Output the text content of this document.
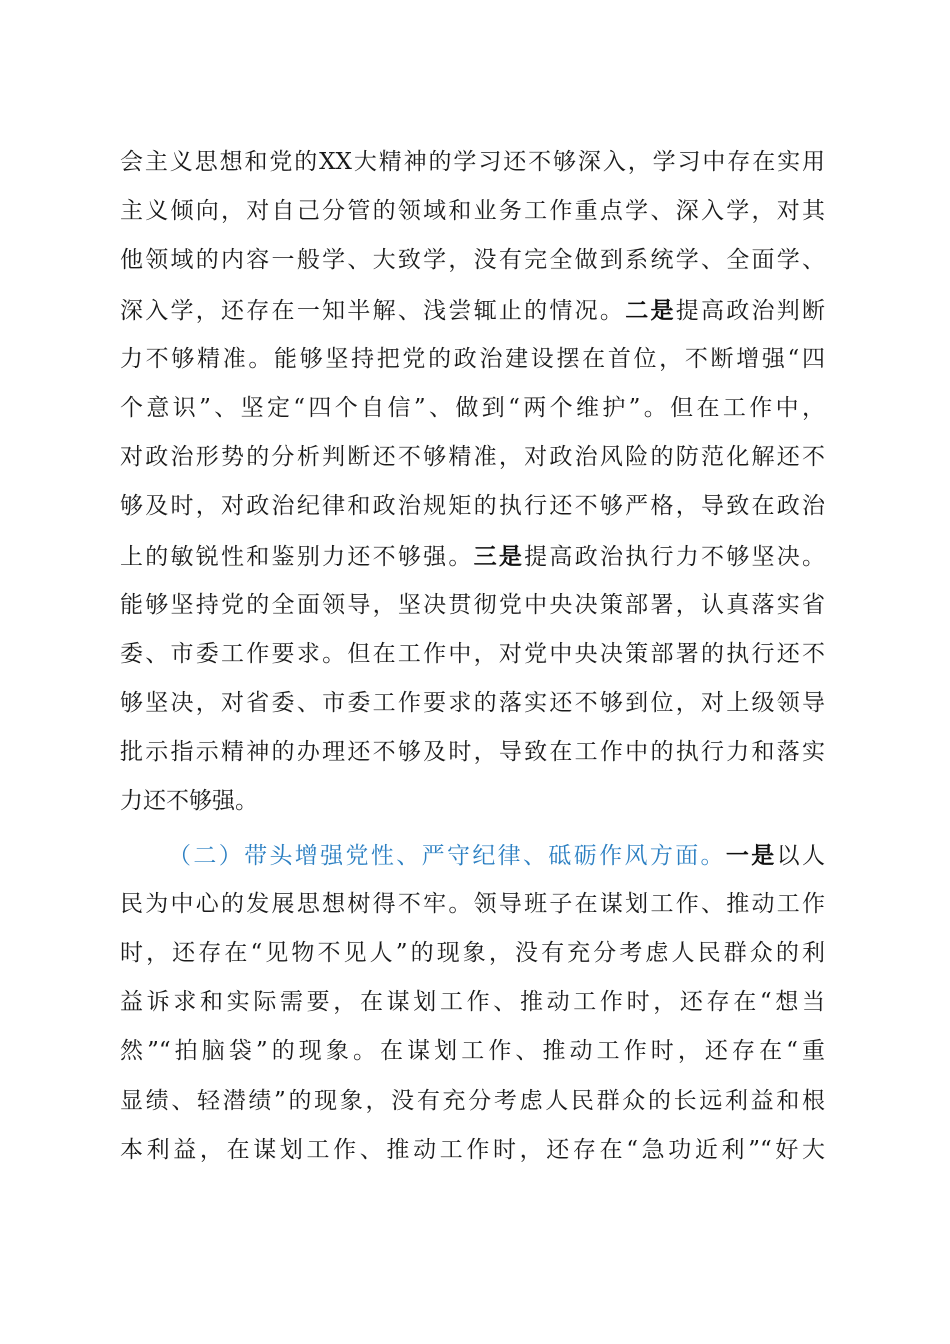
会主义思想和党的XX大精神的学习还不够深入，学习中存在实用
主义倾向，对自己分管的领域和业务工作重点学、深入学，对其
他领域的内容一般学、大致学，没有完全做到系统学、全面学、
深入学，还存在一知半解、浅尝辄止的情况。二是提高政治判断
力不够精准。能够坚持把党的政治建设摆在首位，不断增强“四
个意识”、坚定“四个自信”、做到“两个维护”。但在工作中，
对政治形势的分析判断还不够精准，对政治风险的防范化解还不
够及时，对政治纪律和政治规矩的执行还不够严格，导致在政治
上的敏锐性和鉴别力还不够强。三是提高政治执行力不够坚决。
能够坚持党的全面领导，坚决贯彻党中央决策部署，认真落实省
委、市委工作要求。但在工作中，对党中央决策部署的执行还不
够坚决，对省委、市委工作要求的落实还不够到位，对上级领导
批示指示精神的办理还不够及时，导致在工作中的执行力和落实
力还不够强。
（二）带头增强党性、严守纪律、砥砺作风方面。一是以人
民为中心的发展思想树得不牢。领导班子在谋划工作、推动工作
时，还存在“见物不见人”的现象，没有充分考虑人民群众的利
益诉求和实际需要，在谋划工作、推动工作时，还存在“想当
然”“拍脑袋”的现象。在谋划工作、推动工作时，还存在“重
显绩、轻潜绩”的现象，没有充分考虑人民群众的长远利益和根
本利益，在谋划工作、推动工作时，还存在“急功近利”“好大
